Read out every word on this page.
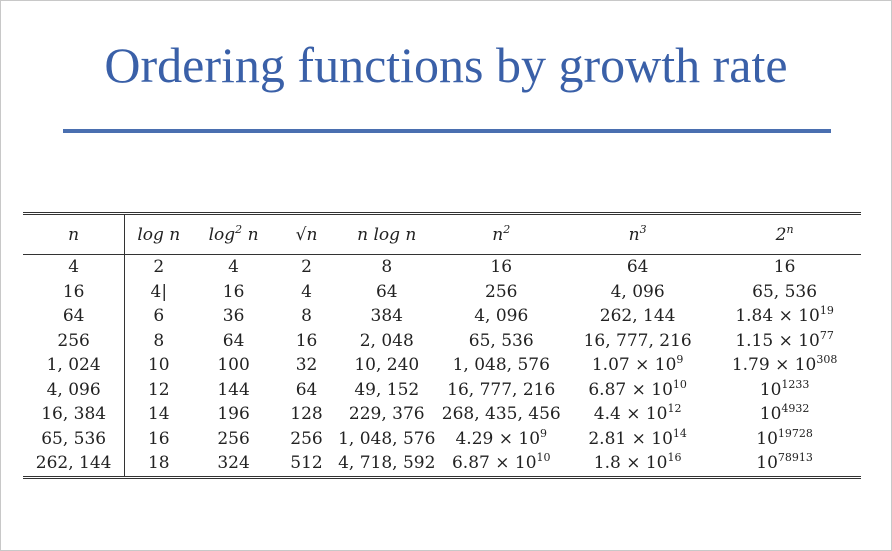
Ordering functions by growth rate
n	log n	$\log^2 n$	√n	n log n	$n^2$	$n^3$	2$^n$
4	2	4	2	8	16	64	16
16	4|	16	4	64	256	4, 096	65, 536
64	6	36	8	384	4, 096	262, 144	$1.84 \times 10^{19}$
256	8	64	16	2, 048	65, 536	16, 777, 216	$1.15 \times 10^{77}$
1, 024	10	100	32	10, 240	1, 048, 576	$1.07 \times 10^9$	$1.79 \times 10^{308}$
4, 096	12	144	64	49, 152	16, 777, 216	$6.87 \times 10^{10}$	$10^{1233}$
16, 384	14	196	128	229, 376	268, 435, 456	$4.4 \times 10^{12}$	$10^{4932}$
65, 536	16	256	256	1, 048, 576	$4.29 \times 10^9$	$2.81 \times 10^{14}$	$10^{19728}$
262, 144	18	324	512	4, 718, 592	$6.87 \times 10^{10}$	$1.8 \times 10^{16}$	$10^{78913}$
